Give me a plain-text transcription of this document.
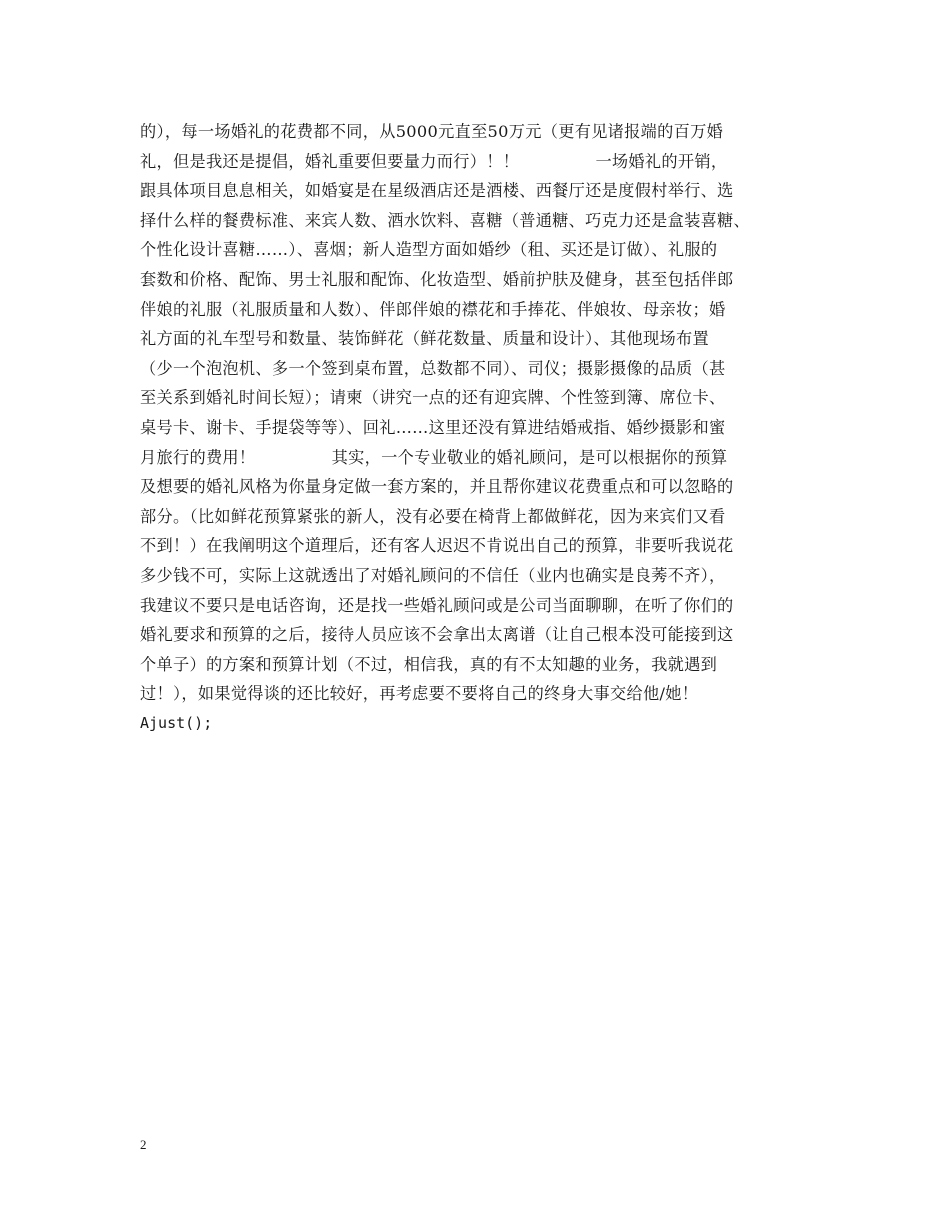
的），每一场婚礼的花费都不同，从5000元直至50万元（更有见诸报端的百万婚
礼，但是我还是提倡，婚礼重要但要量力而行）！！              一场婚礼的开销，
跟具体项目息息相关，如婚宴是在星级酒店还是酒楼、西餐厅还是度假村举行、选
择什么样的餐费标准、来宾人数、酒水饮料、喜糖（普通糖、巧克力还是盒装喜糖、
个性化设计喜糖……）、喜烟；新人造型方面如婚纱（租、买还是订做）、礼服的
套数和价格、配饰、男士礼服和配饰、化妆造型、婚前护肤及健身，甚至包括伴郎
伴娘的礼服（礼服质量和人数）、伴郎伴娘的襟花和手捧花、伴娘妆、母亲妆；婚
礼方面的礼车型号和数量、装饰鲜花（鲜花数量、质量和设计）、其他现场布置
（少一个泡泡机、多一个签到桌布置，总数都不同）、司仪；摄影摄像的品质（甚
至关系到婚礼时间长短）；请柬（讲究一点的还有迎宾牌、个性签到簿、席位卡、
桌号卡、谢卡、手提袋等等）、回礼……这里还没有算进结婚戒指、婚纱摄影和蜜
月旅行的费用！              其实，一个专业敬业的婚礼顾问，是可以根据你的预算
及想要的婚礼风格为你量身定做一套方案的，并且帮你建议花费重点和可以忽略的
部分。（比如鲜花预算紧张的新人，没有必要在椅背上都做鲜花，因为来宾们又看
不到！）在我阐明这个道理后，还有客人迟迟不肯说出自己的预算，非要听我说花
多少钱不可，实际上这就透出了对婚礼顾问的不信任（业内也确实是良莠不齐），
我建议不要只是电话咨询，还是找一些婚礼顾问或是公司当面聊聊，在听了你们的
婚礼要求和预算的之后，接待人员应该不会拿出太离谱（让自己根本没可能接到这
个单子）的方案和预算计划（不过，相信我，真的有不太知趣的业务，我就遇到
过！），如果觉得谈的还比较好，再考虑要不要将自己的终身大事交给他/她！
Ajust();
2
